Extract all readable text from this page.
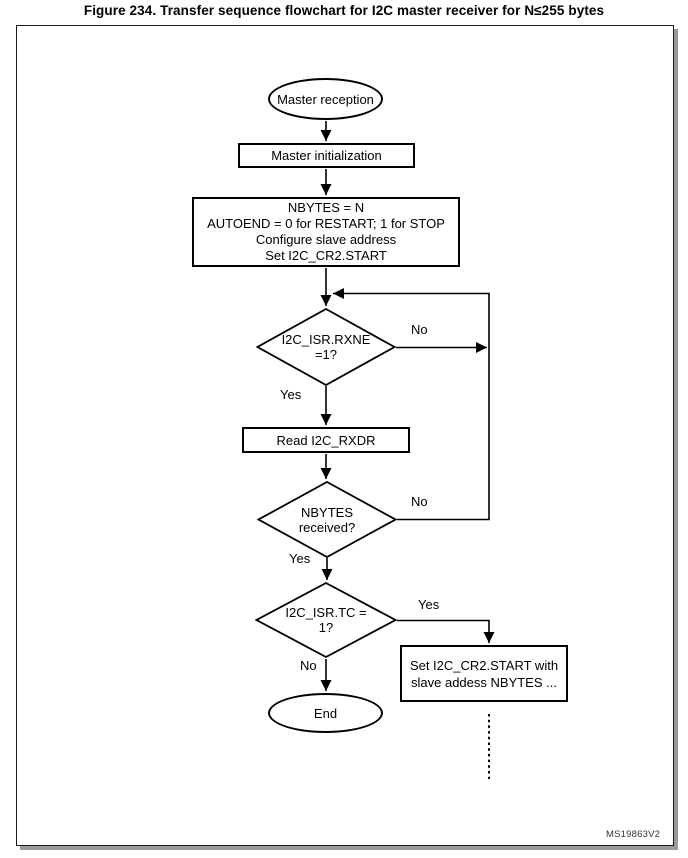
Figure 234. Transfer sequence flowchart for I2C master receiver for N≤255 bytes
Master reception
Master initialization
NBYTES = N
AUTOEND = 0 for RESTART; 1 for STOP
Configure slave address
Set I2C_CR2.START
I2C_ISR.RXNE
=1?
Read I2C_RXDR
NBYTES
received?
I2C_ISR.TC =
1?
End
Set I2C_CR2.START with
slave addess NBYTES ...
No
Yes
No
Yes
Yes
No
MS19863V2
